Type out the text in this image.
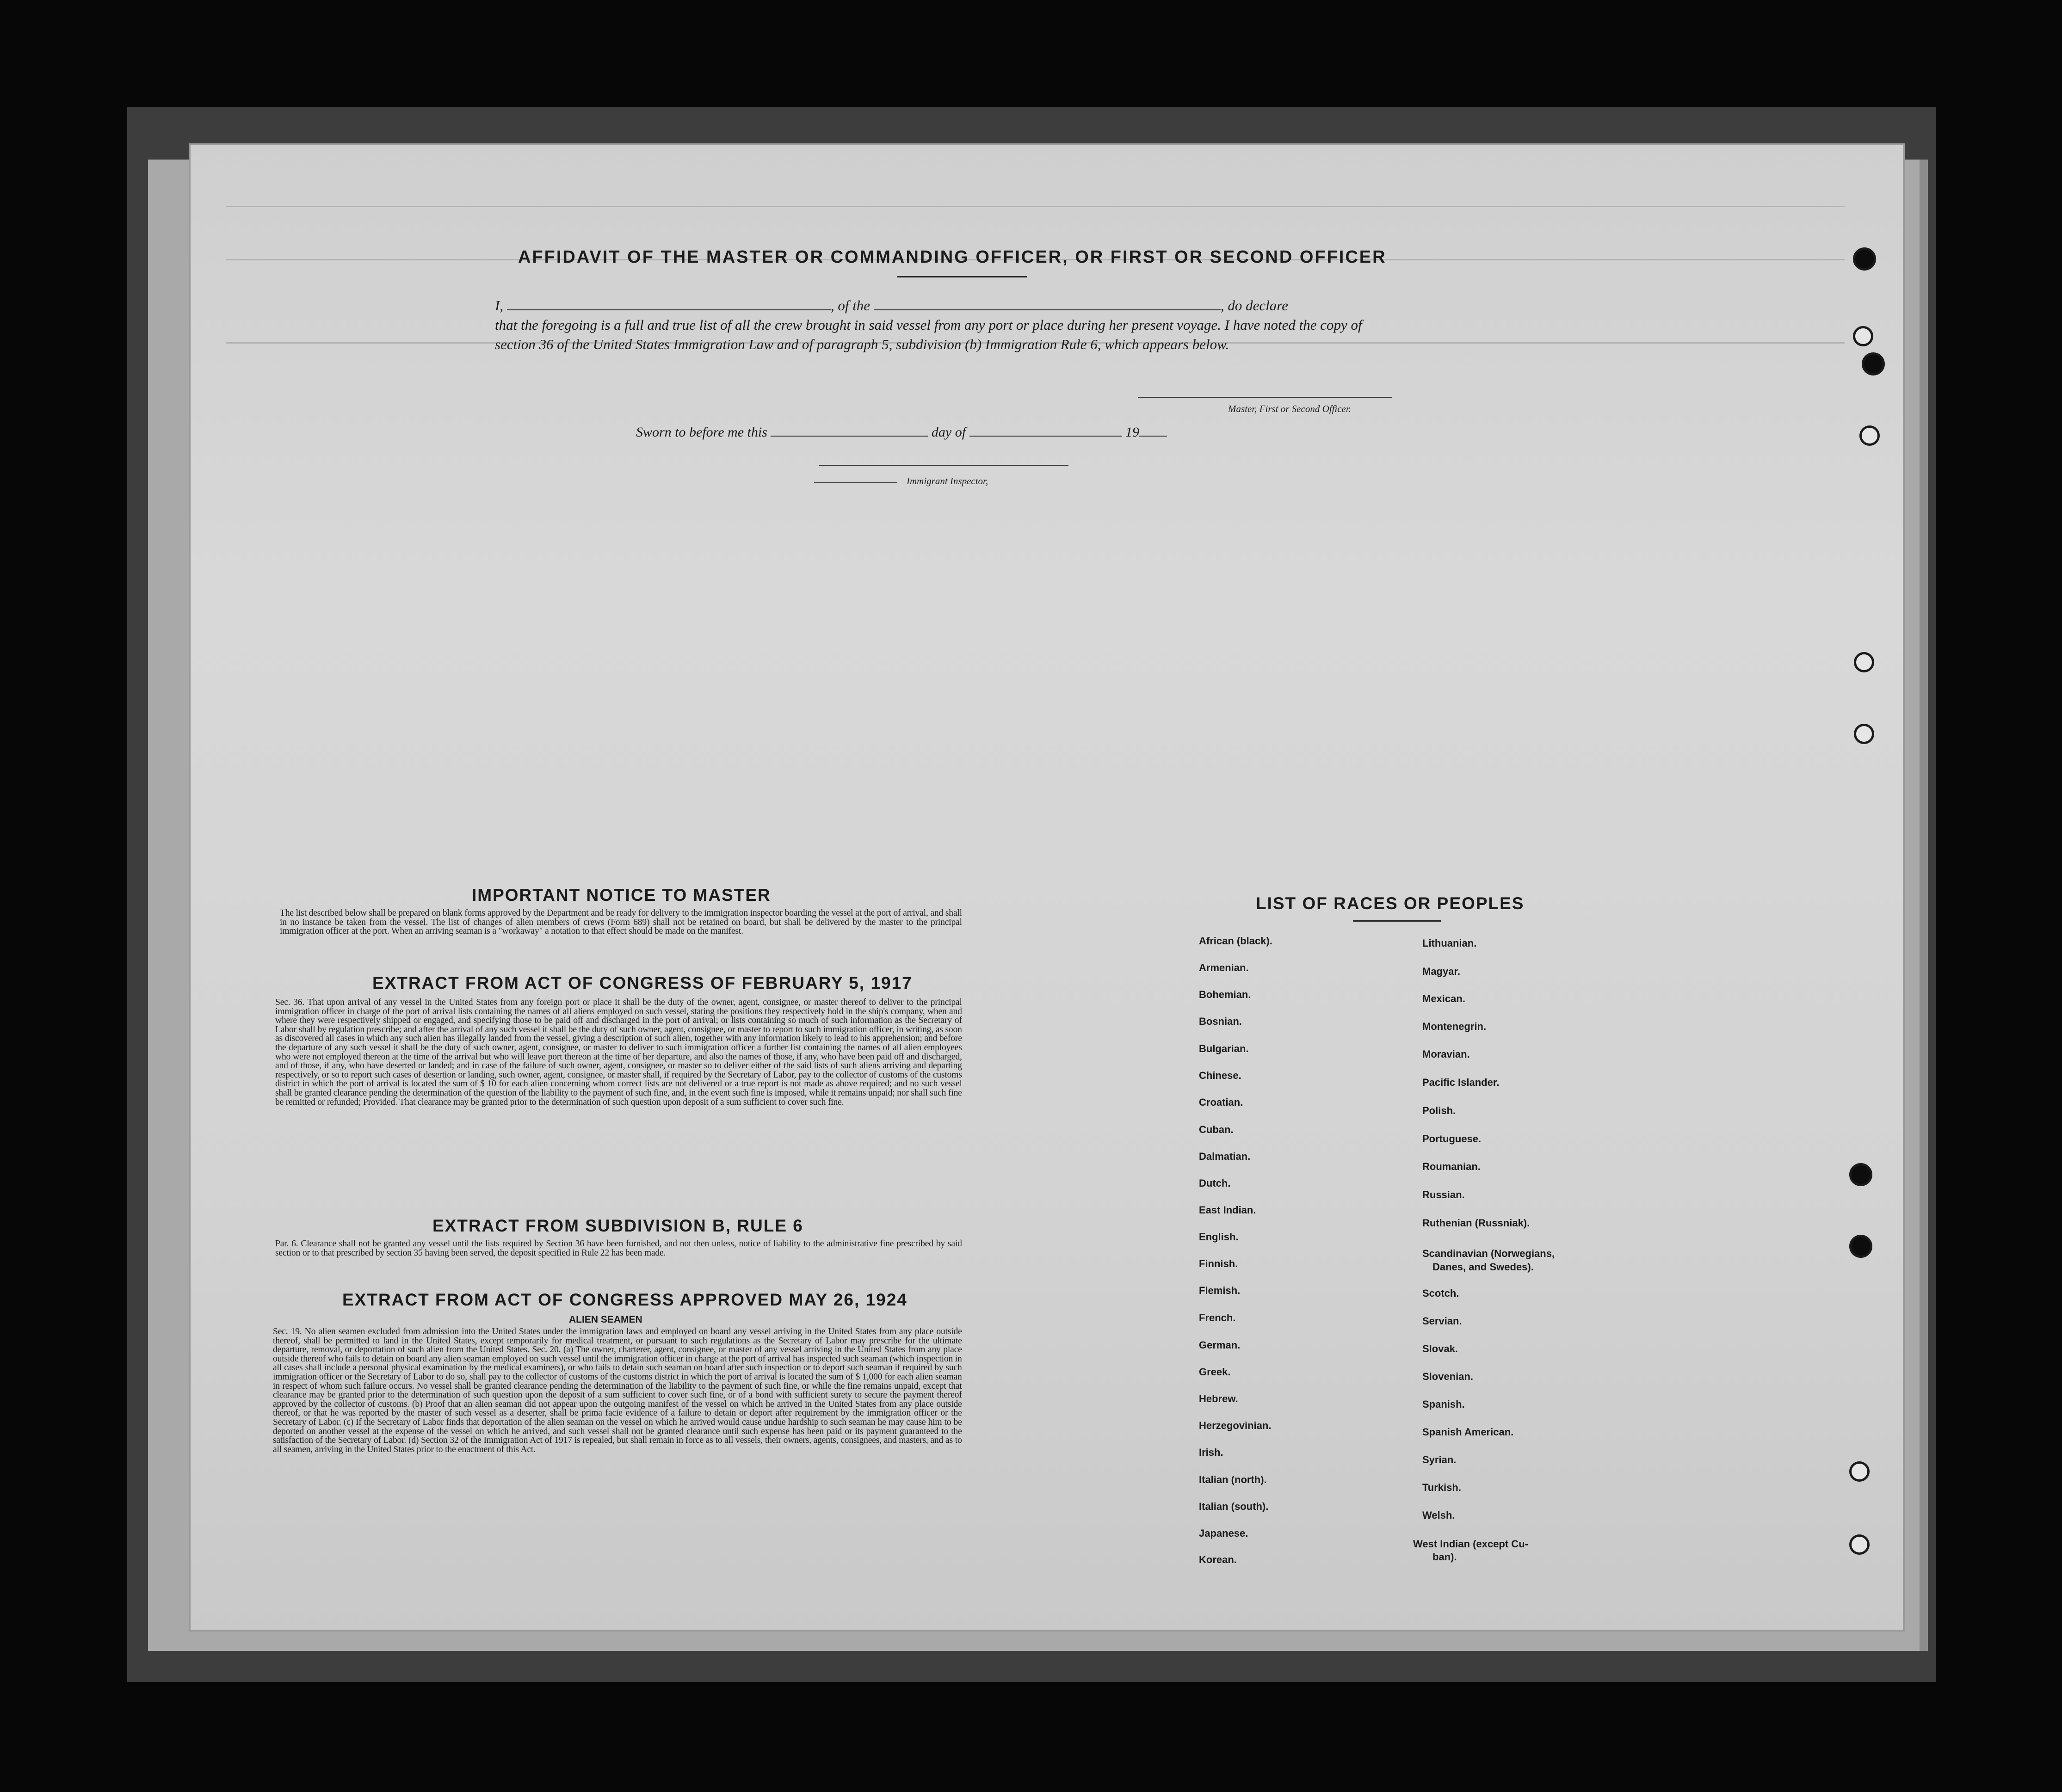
AFFIDAVIT OF THE MASTER OR COMMANDING OFFICER, OR FIRST OR SECOND OFFICER
I,	, of the	, do declare
that the foregoing is a full and true list of all the crew brought in said vessel from any port or place during her present voyage. I have noted the copy of section 36 of the United States Immigration Law and of paragraph 5, subdivision (b) Immigration Rule 6, which appears below.
Master, First or Second Officer.
Sworn to before me this	day of	19
Immigrant Inspector,
IMPORTANT NOTICE TO MASTER
The list described below shall be prepared on blank forms approved by the Department and be ready for delivery to the immigration inspector boarding the vessel at the port of arrival, and shall in no instance be taken from the vessel. The list of changes of alien members of crews (Form 689) shall not be retained on board, but shall be delivered by the master to the principal immigration officer at the port. When an arriving seaman is a "workaway" a notation to that effect should be made on the manifest.
EXTRACT FROM ACT OF CONGRESS OF FEBRUARY 5, 1917
Sec. 36. That upon arrival of any vessel in the United States from any foreign port or place it shall be the duty of the owner, agent, consignee, or master thereof to deliver to the principal immigration officer in charge of the port of arrival lists containing the names of all aliens employed on such vessel, stating the positions they respectively hold in the ship's company, when and where they were respectively shipped or engaged, and specifying those to be paid off and discharged in the port of arrival; or lists containing so much of such information as the Secretary of Labor shall by regulation prescribe; and after the arrival of any such vessel it shall be the duty of such owner, agent, consignee, or master to report to such immigration officer, in writing, as soon as discovered all cases in which any such alien has illegally landed from the vessel, giving a description of such alien, together with any information likely to lead to his apprehension; and before the departure of any such vessel it shall be the duty of such owner, agent, consignee, or master to deliver to such immigration officer a further list containing the names of all alien employees who were not employed thereon at the time of the arrival but who will leave port thereon at the time of her departure, and also the names of those, if any, who have been paid off and discharged, and of those, if any, who have deserted or landed; and in case of the failure of such owner, agent, consignee, or master so to deliver either of the said lists of such aliens arriving and departing respectively, or so to report such cases of desertion or landing, such owner, agent, consignee, or master shall, if required by the Secretary of Labor, pay to the collector of customs of the customs district in which the port of arrival is located the sum of $ 10 for each alien concerning whom correct lists are not delivered or a true report is not made as above required; and no such vessel shall be granted clearance pending the determination of the question of the liability to the payment of such fine, and, in the event such fine is imposed, while it remains unpaid; nor shall such fine be remitted or refunded; Provided. That clearance may be granted prior to the determination of such question upon deposit of a sum sufficient to cover such fine.
EXTRACT FROM SUBDIVISION B, RULE 6
Par. 6. Clearance shall not be granted any vessel until the lists required by Section 36 have been furnished, and not then unless, notice of liability to the administrative fine prescribed by said section or to that prescribed by section 35 having been served, the deposit specified in Rule 22 has been made.
EXTRACT FROM ACT OF CONGRESS APPROVED MAY 26, 1924
ALIEN SEAMEN
Sec. 19. No alien seamen excluded from admission into the United States under the immigration laws and employed on board any vessel arriving in the United States from any place outside thereof, shall be permitted to land in the United States, except temporarily for medical treatment, or pursuant to such regulations as the Secretary of Labor may prescribe for the ultimate departure, removal, or deportation of such alien from the United States. Sec. 20. (a) The owner, charterer, agent, consignee, or master of any vessel arriving in the United States from any place outside thereof who fails to detain on board any alien seaman employed on such vessel until the immigration officer in charge at the port of arrival has inspected such seaman (which inspection in all cases shall include a personal physical examination by the medical examiners), or who fails to detain such seaman on board after such inspection or to deport such seaman if required by such immigration officer or the Secretary of Labor to do so, shall pay to the collector of customs of the customs district in which the port of arrival is located the sum of $ 1,000 for each alien seaman in respect of whom such failure occurs. No vessel shall be granted clearance pending the determination of the liability to the payment of such fine, or while the fine remains unpaid, except that clearance may be granted prior to the determination of such question upon the deposit of a sum sufficient to cover such fine, or of a bond with sufficient surety to secure the payment thereof approved by the collector of customs. (b) Proof that an alien seaman did not appear upon the outgoing manifest of the vessel on which he arrived in the United States from any place outside thereof, or that he was reported by the master of such vessel as a deserter, shall be prima facie evidence of a failure to detain or deport after requirement by the immigration officer or the Secretary of Labor. (c) If the Secretary of Labor finds that deportation of the alien seaman on the vessel on which he arrived would cause undue hardship to such seaman he may cause him to be deported on another vessel at the expense of the vessel on which he arrived, and such vessel shall not be granted clearance until such expense has been paid or its payment guaranteed to the satisfaction of the Secretary of Labor. (d) Section 32 of the Immigration Act of 1917 is repealed, but shall remain in force as to all vessels, their owners, agents, consignees, and masters, and as to all seamen, arriving in the United States prior to the enactment of this Act.
LIST OF RACES OR PEOPLES
African (black).
Armenian.
Bohemian.
Bosnian.
Bulgarian.
Chinese.
Croatian.
Cuban.
Dalmatian.
Dutch.
East Indian.
English.
Finnish.
Flemish.
French.
German.
Greek.
Hebrew.
Herzegovinian.
Irish.
Italian (north).
Italian (south).
Japanese.
Korean.
Lithuanian.
Magyar.
Mexican.
Montenegrin.
Moravian.
Pacific Islander.
Polish.
Portuguese.
Roumanian.
Russian.
Ruthenian (Russniak).
Scandinavian (Norwegians,
Danes, and Swedes).
Scotch.
Servian.
Slovak.
Slovenian.
Spanish.
Spanish American.
Syrian.
Turkish.
Welsh.
West Indian (except Cu-
ban).
